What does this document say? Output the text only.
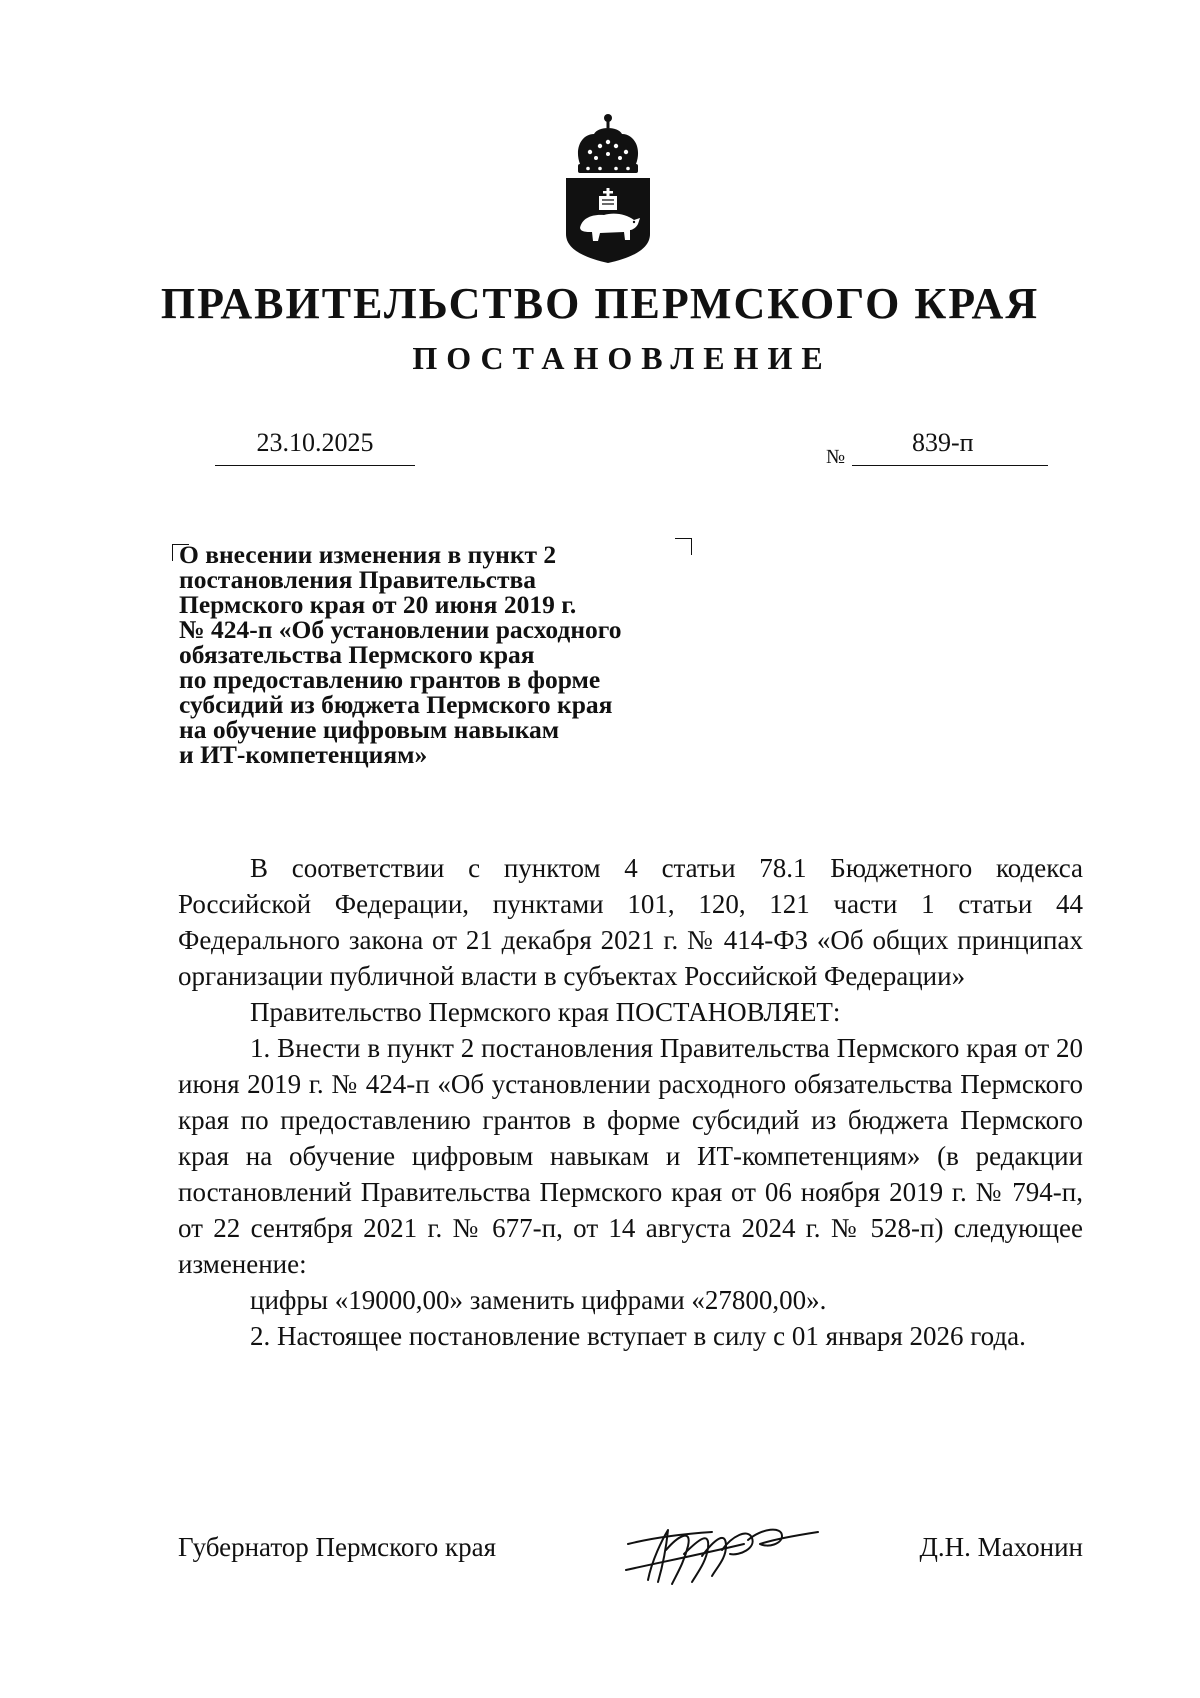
ПРАВИТЕЛЬСТВО ПЕРМСКОГО КРАЯ
ПОСТАНОВЛЕНИЕ
23.10.2025	№	839-п
О внесении изменения в пункт 2
постановления Правительства
Пермского края от 20 июня 2019 г.
№ 424-п «Об установлении расходного
обязательства Пермского края
по предоставлению грантов в форме
субсидий из бюджета Пермского края
на обучение цифровым навыкам
и ИТ-компетенциям»

В соответствии с пунктом 4 статьи 78.1 Бюджетного кодекса Российской Федерации, пунктами 101, 120, 121 части 1 статьи 44 Федерального закона от 21 декабря 2021 г. № 414-ФЗ «Об общих принципах организации публичной власти в субъектах Российской Федерации»

Правительство Пермского края ПОСТАНОВЛЯЕТ:

1. Внести в пункт 2 постановления Правительства Пермского края от 20 июня 2019 г. № 424-п «Об установлении расходного обязательства Пермского края по предоставлению грантов в форме субсидий из бюджета Пермского края на обучение цифровым навыкам и ИТ-компетенциям» (в редакции постановлений Правительства Пермского края от 06 ноября 2019 г. № 794-п, от 22 сентября 2021 г. № 677-п, от 14 августа 2024 г. № 528-п) следующее изменение:

цифры «19000,00» заменить цифрами «27800,00».

2. Настоящее постановление вступает в силу с 01 января 2026 года.

Губернатор Пермского края	Д.Н. Махонин
